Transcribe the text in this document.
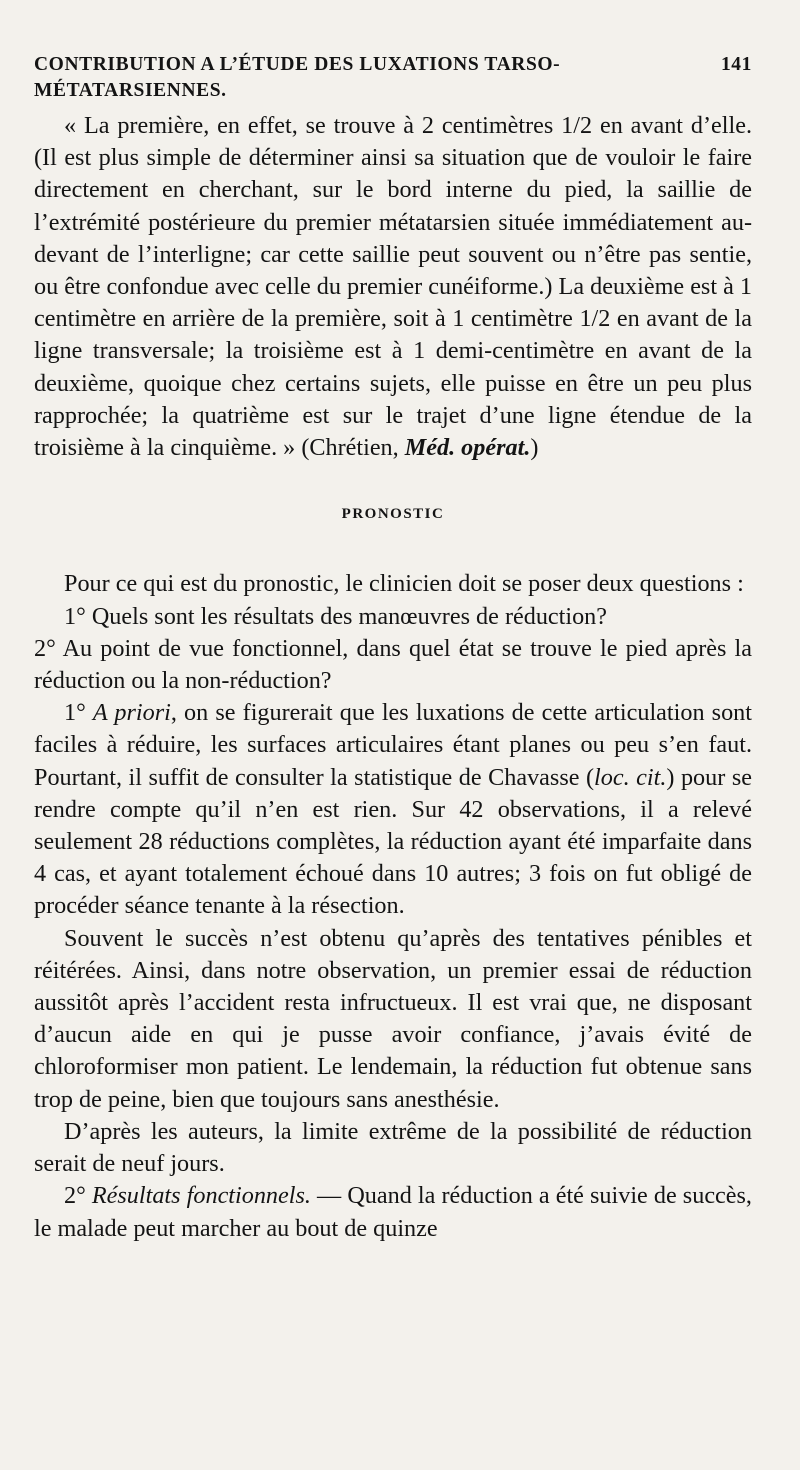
CONTRIBUTION A L’ÉTUDE DES LUXATIONS TARSO-MÉTATARSIENNES.
141

« La première, en effet, se trouve à 2 centimètres 1/2 en avant d’elle. (Il est plus simple de déterminer ainsi sa situation que de vouloir le faire directement en cherchant, sur le bord interne du pied, la saillie de l’extrémité postérieure du premier métatarsien située immédiatement au-devant de l’interligne; car cette saillie peut souvent ou n’être pas sentie, ou être confondue avec celle du premier cunéiforme.) La deuxième est à 1 centimètre en arrière de la première, soit à 1 centimètre 1/2 en avant de la ligne transversale; la troisième est à 1 demi-centimètre en avant de la deuxième, quoique chez certains sujets, elle puisse en être un peu plus rapprochée; la quatrième est sur le trajet d’une ligne étendue de la troisième à la cinquième. » (Chrétien, Méd. opérat.)

PRONOSTIC

Pour ce qui est du pronostic, le clinicien doit se poser deux questions :

1° Quels sont les résultats des manœuvres de réduction?

2° Au point de vue fonctionnel, dans quel état se trouve le pied après la réduction ou la non-réduction?

1° A priori, on se figurerait que les luxations de cette articulation sont faciles à réduire, les surfaces articulaires étant planes ou peu s’en faut. Pourtant, il suffit de consulter la statistique de Chavasse (loc. cit.) pour se rendre compte qu’il n’en est rien. Sur 42 observations, il a relevé seulement 28 réductions complètes, la réduction ayant été imparfaite dans 4 cas, et ayant totalement échoué dans 10 autres; 3 fois on fut obligé de procéder séance tenante à la résection.

Souvent le succès n’est obtenu qu’après des tentatives pénibles et réitérées. Ainsi, dans notre observation, un premier essai de réduction aussitôt après l’accident resta infructueux. Il est vrai que, ne disposant d’aucun aide en qui je pusse avoir confiance, j’avais évité de chloroformiser mon patient. Le lendemain, la réduction fut obtenue sans trop de peine, bien que toujours sans anesthésie.

D’après les auteurs, la limite extrême de la possibilité de réduction serait de neuf jours.

2° Résultats fonctionnels. — Quand la réduction a été suivie de succès, le malade peut marcher au bout de quinze
